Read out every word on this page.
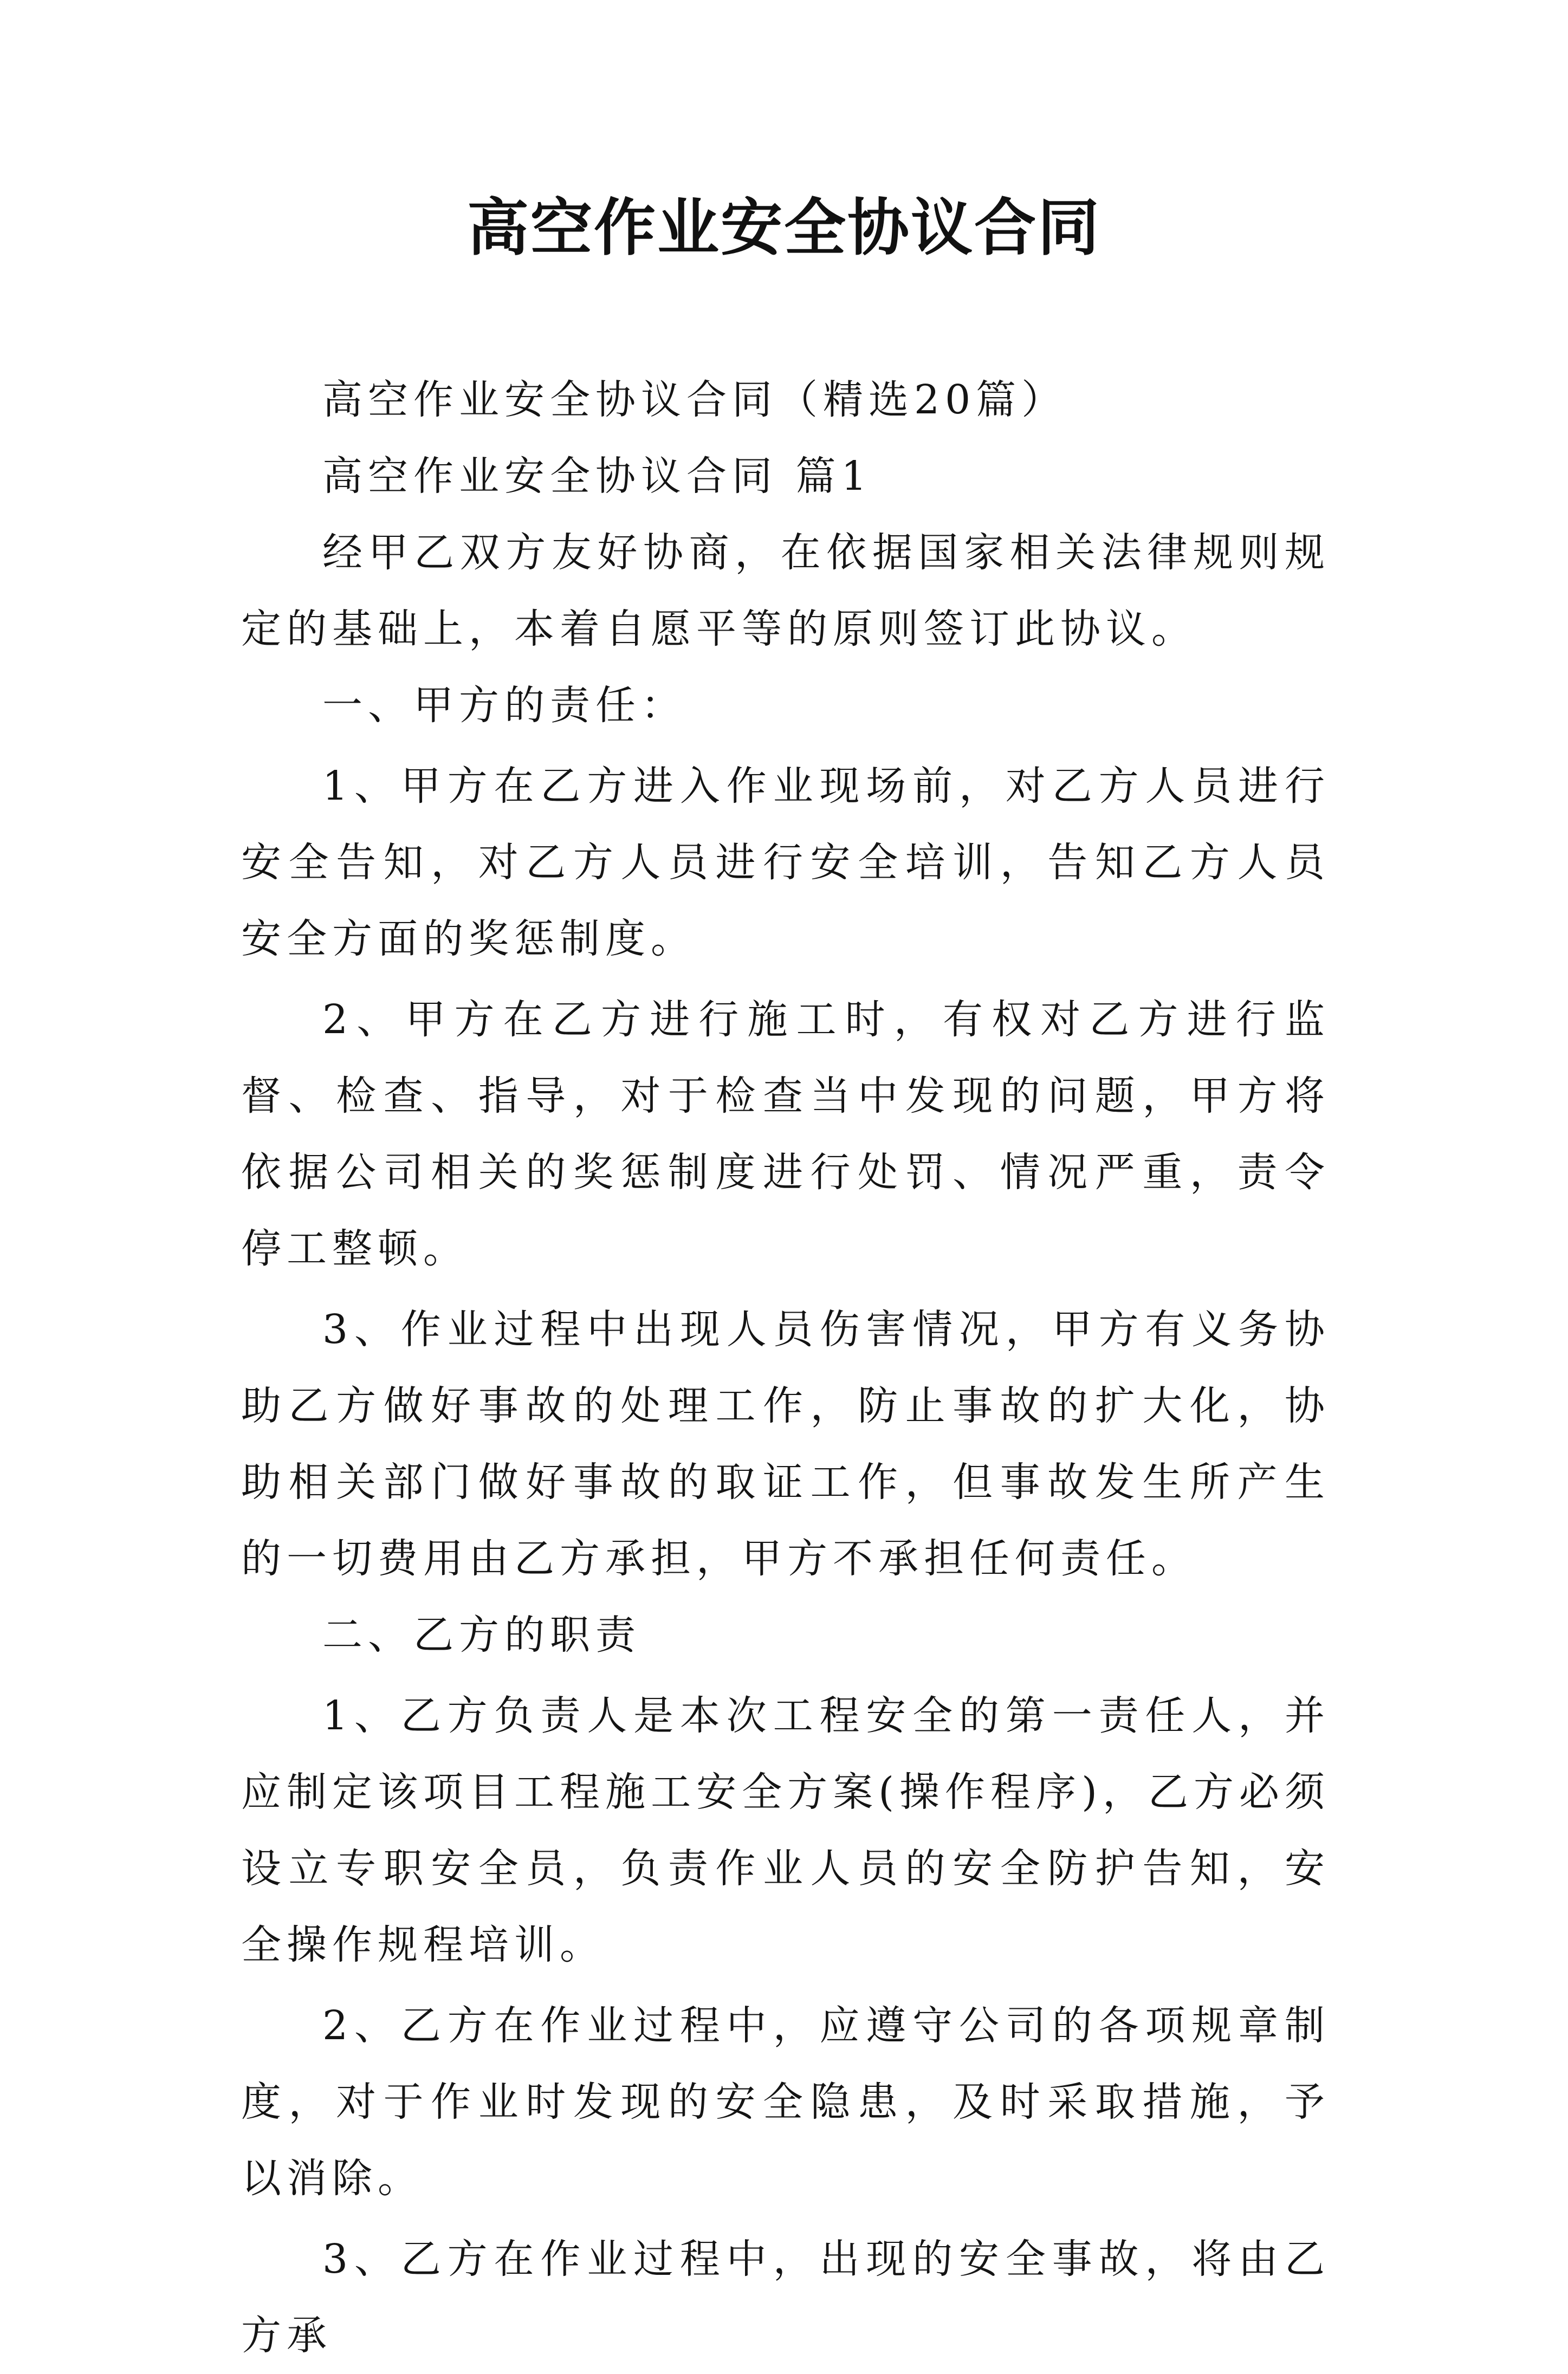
高空作业安全协议合同

高空作业安全协议合同（精选20篇）

高空作业安全协议合同 篇1

经甲乙双方友好协商，在依据国家相关法律规则规定的基础上，本着自愿平等的原则签订此协议。

一、甲方的责任：

1、甲方在乙方进入作业现场前，对乙方人员进行安全告知，对乙方人员进行安全培训，告知乙方人员安全方面的奖惩制度。

2、甲方在乙方进行施工时，有权对乙方进行监督、检查、指导，对于检查当中发现的问题，甲方将依据公司相关的奖惩制度进行处罚、情况严重，责令停工整顿。

3、作业过程中出现人员伤害情况，甲方有义务协助乙方做好事故的处理工作，防止事故的扩大化，协助相关部门做好事故的取证工作，但事故发生所产生的一切费用由乙方承担，甲方不承担任何责任。

二、乙方的职责

1、乙方负责人是本次工程安全的第一责任人，并应制定该项目工程施工安全方案(操作程序)，乙方必须设立专职安全员，负责作业人员的安全防护告知，安全操作规程培训。

2、乙方在作业过程中，应遵守公司的各项规章制度，对于作业时发现的安全隐患，及时采取措施，予以消除。

3、乙方在作业过程中，出现的安全事故，将由乙方承
